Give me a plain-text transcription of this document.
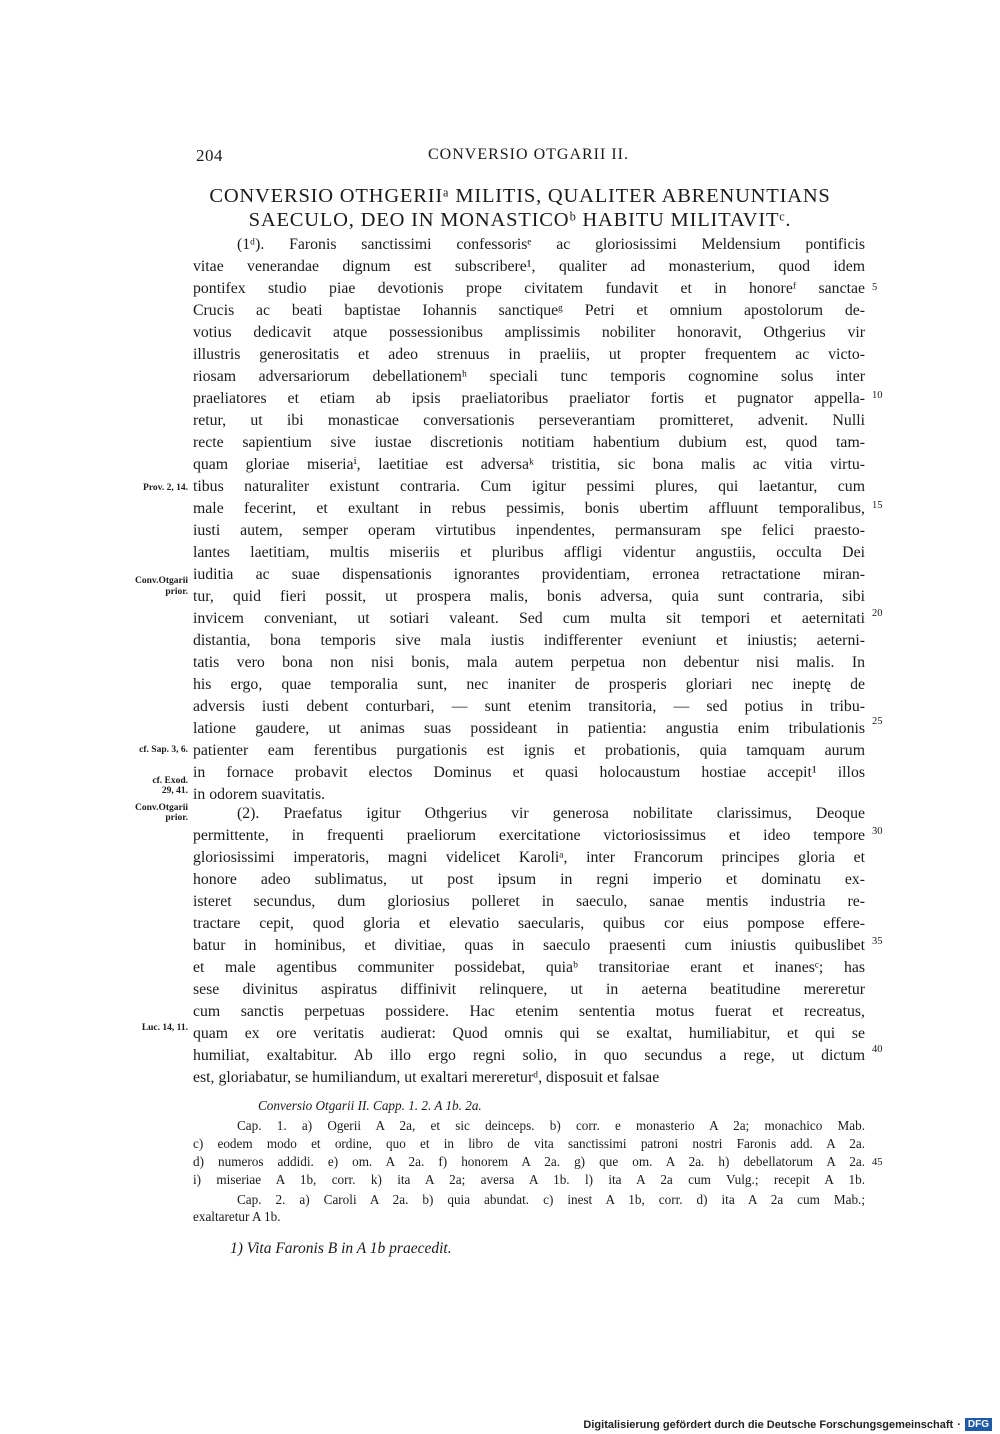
204	CONVERSIO OTGARII II.
CONVERSIO OTHGERIIᵃ MILITIS, QUALITER ABRENUNTIANS
SAECULO, DEO IN MONASTICOᵇ HABITU MILITAVITᶜ.
(1ᵈ). Faronis sanctissimi confessorisᵉ ac gloriosissimi Meldensium pontificis
vitae venerandae dignum est subscribere¹, qualiter ad monasterium, quod idem
pontifex studio piae devotionis prope civitatem fundavit et in honoreᶠ sanctae
Crucis ac beati baptistae Iohannis sanctiqueᵍ Petri et omnium apostolorum de-
votius dedicavit atque possessionibus amplissimis nobiliter honoravit, Othgerius vir
illustris generositatis et adeo strenuus in praeliis, ut propter frequentem ac victo-
riosam adversariorum debellationemʰ speciali tunc temporis cognomine solus inter
praeliatores et etiam ab ipsis praeliatoribus praeliator fortis et pugnator appella-
retur, ut ibi monasticae conversationis perseverantiam promitteret, advenit. Nulli
recte sapientium sive iustae discretionis notitiam habentium dubium est, quod tam-
quam gloriae miseriaⁱ, laetitiae est adversaᵏ tristitia, sic bona malis ac vitia virtu-
tibus naturaliter existunt contraria. Cum igitur pessimi plures, qui laetantur, cum
male fecerint, et exultant in rebus pessimis, bonis ubertim affluunt temporalibus,
iusti autem, semper operam virtutibus inpendentes, permansuram spe felici praesto-
lantes laetitiam, multis miseriis et pluribus affligi videntur angustiis, occulta Dei
iuditia ac suae dispensationis ignorantes providentiam, erronea retractatione miran-
tur, quid fieri possit, ut prospera malis, bonis adversa, quia sunt contraria, sibi
invicem conveniant, ut sotiari valeant. Sed cum multa sit tempori et aeternitati
distantia, bona temporis sive mala iustis indifferenter eveniunt et iniustis; aeterni-
tatis vero bona non nisi bonis, mala autem perpetua non debentur nisi malis. In
his ergo, quae temporalia sunt, nec inaniter de prosperis gloriari nec ineptę de
adversis iusti debent conturbari, — sunt etenim transitoria, — sed potius in tribu-
latione gaudere, ut animas suas possideant in patientia: angustia enim tribulationis
patienter eam ferentibus purgationis est ignis et probationis, quia tamquam aurum
in fornace probavit electos Dominus et quasi holocaustum hostiae accepit¹ illos
in odorem suavitatis.
(2). Praefatus igitur Othgerius vir generosa nobilitate clarissimus, Deoque
permittente, in frequenti praeliorum exercitatione victoriosissimus et ideo tempore
gloriosissimi imperatoris, magni videlicet Karoliᵃ, inter Francorum principes gloria et
honore adeo sublimatus, ut post ipsum in regni imperio et dominatu ex-
isteret secundus, dum gloriosius polleret in saeculo, sanae mentis industria re-
tractare cepit, quod gloria et elevatio saecularis, quibus cor eius pompose effere-
batur in hominibus, et divitiae, quas in saeculo praesenti cum iniustis quibuslibet
et male agentibus communiter possidebat, quiaᵇ transitoriae erant et inanesᶜ; has
sese divinitus aspiratus diffinivit relinquere, ut in aeterna beatitudine mereretur
cum sanctis perpetuas possidere. Hac etenim sententia motus fuerat et recreatus,
quam ex ore veritatis audierat: Quod omnis qui se exaltat, humiliabitur, et qui se
humiliat, exaltabitur. Ab illo ergo regni solio, in quo secundus a rege, ut dictum
est, gloriabatur, se humiliandum, ut exaltari merereturᵈ, disposuit et falsae
5
10
15
20
25
30
35
40
45
Prov. 2, 14.
Conv.Otgarii
prior.
cf. Sap. 3, 6.
cf. Exod.
29, 41.
Conv.Otgarii
prior.
Luc. 14, 11.
Conversio Otgarii II. Capp. 1. 2. A 1b. 2a.
Cap. 1. a) Ogerii A 2a, et sic deinceps. b) corr. e monasterio A 2a; monachico Mab.
c) eodem modo et ordine, quo et in libro de vita sanctissimi patroni nostri Faronis add. A 2a.
d) numeros addidi. e) om. A 2a. f) honorem A 2a. g) que om. A 2a. h) debellatorum A 2a.
i) miseriae A 1b, corr. k) ita A 2a; aversa A 1b. l) ita A 2a cum Vulg.; recepit A 1b.
Cap. 2. a) Caroli A 2a. b) quia abundat. c) inest A 1b, corr. d) ita A 2a cum Mab.;
exaltaretur A 1b.
1) Vita Faronis B in A 1b praecedit.
Digitalisierung gefördert durch die Deutsche Forschungsgemeinschaft · DFG
